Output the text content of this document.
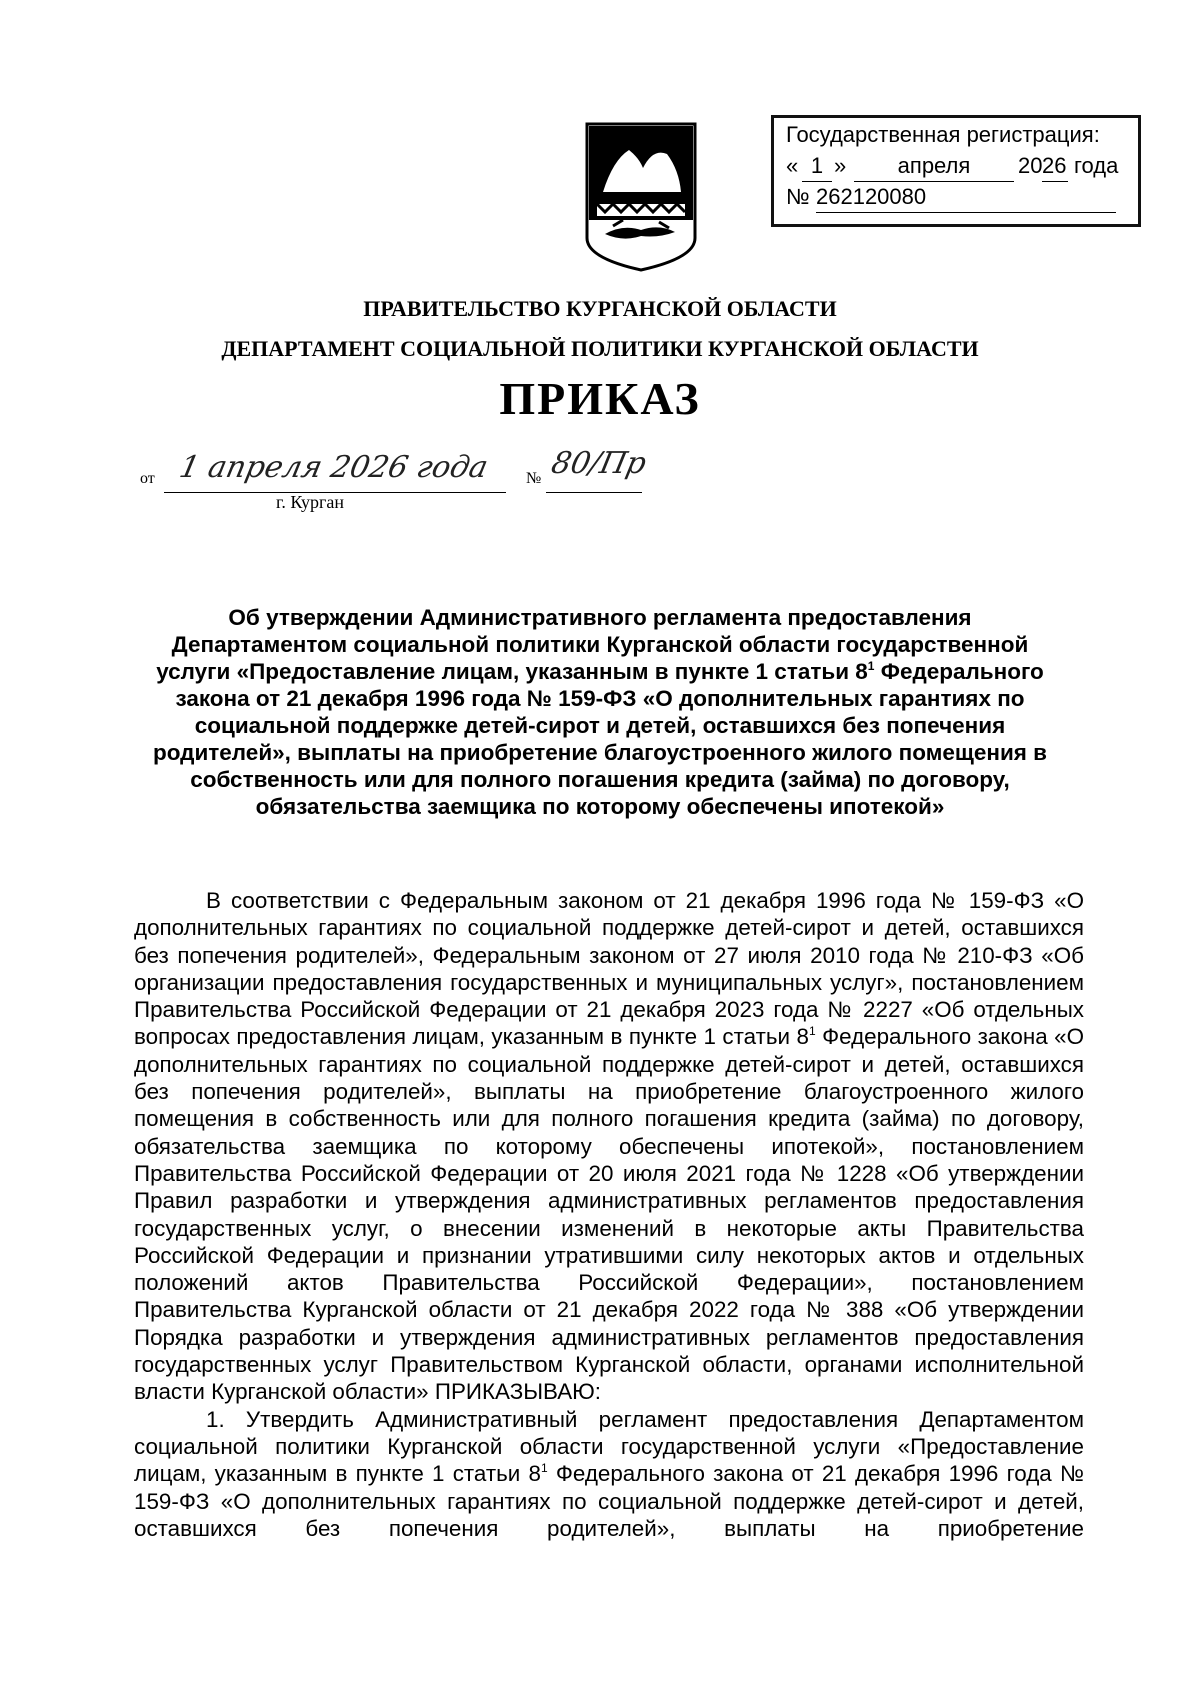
Государственная регистрация:
« 1 »	апреля	20 26 года
№ 262120080
ПРАВИТЕЛЬСТВО КУРГАНСКОЙ ОБЛАСТИ
ДЕПАРТАМЕНТ СОЦИАЛЬНОЙ ПОЛИТИКИ КУРГАНСКОЙ ОБЛАСТИ
ПРИКАЗ
от 1 апреля 2026 года № 80/Пр
г. Курган
Об утверждении Административного регламента предоставления Департаментом социальной политики Курганской области государственной услуги «Предоставление лицам, указанным в пункте 1 статьи $8^1$ Федерального закона от 21 декабря 1996 года № 159-ФЗ «О дополнительных гарантиях по социальной поддержке детей-сирот и детей, оставшихся без попечения родителей», выплаты на приобретение благоустроенного жилого помещения в собственность или для полного погашения кредита (займа) по договору, обязательства заемщика по которому обеспечены ипотекой»

В соответствии с Федеральным законом от 21 декабря 1996 года № 159-ФЗ «О дополнительных гарантиях по социальной поддержке детей-сирот и детей, оставшихся без попечения родителей», Федеральным законом от 27 июля 2010 года № 210-ФЗ «Об организации предоставления государственных и муниципальных услуг», постановлением Правительства Российской Федерации от 21 декабря 2023 года № 2227 «Об отдельных вопросах предоставления лицам, указанным в пункте 1 статьи $8^1$ Федерального закона «О дополнительных гарантиях по социальной поддержке детей-сирот и детей, оставшихся без попечения родителей», выплаты на приобретение благоустроенного жилого помещения в собственность или для полного погашения кредита (займа) по договору, обязательства заемщика по которому обеспечены ипотекой», постановлением Правительства Российской Федерации от 20 июля 2021 года № 1228 «Об утверждении Правил разработки и утверждения административных регламентов предоставления государственных услуг, о внесении изменений в некоторые акты Правительства Российской Федерации и признании утратившими силу некоторых актов и отдельных положений актов Правительства Российской Федерации», постановлением Правительства Курганской области от 21 декабря 2022 года № 388 «Об утверждении Порядка разработки и утверждения административных регламентов предоставления государственных услуг Правительством Курганской области, органами исполнительной власти Курганской области» ПРИКАЗЫВАЮ:

1. Утвердить Административный регламент предоставления Департаментом социальной политики Курганской области государственной услуги «Предоставление лицам, указанным в пункте 1 статьи $8^1$ Федерального закона от 21 декабря 1996 года № 159-ФЗ «О дополнительных гарантиях по социальной поддержке детей-сирот и детей, оставшихся без попечения родителей», выплаты на приобретение
